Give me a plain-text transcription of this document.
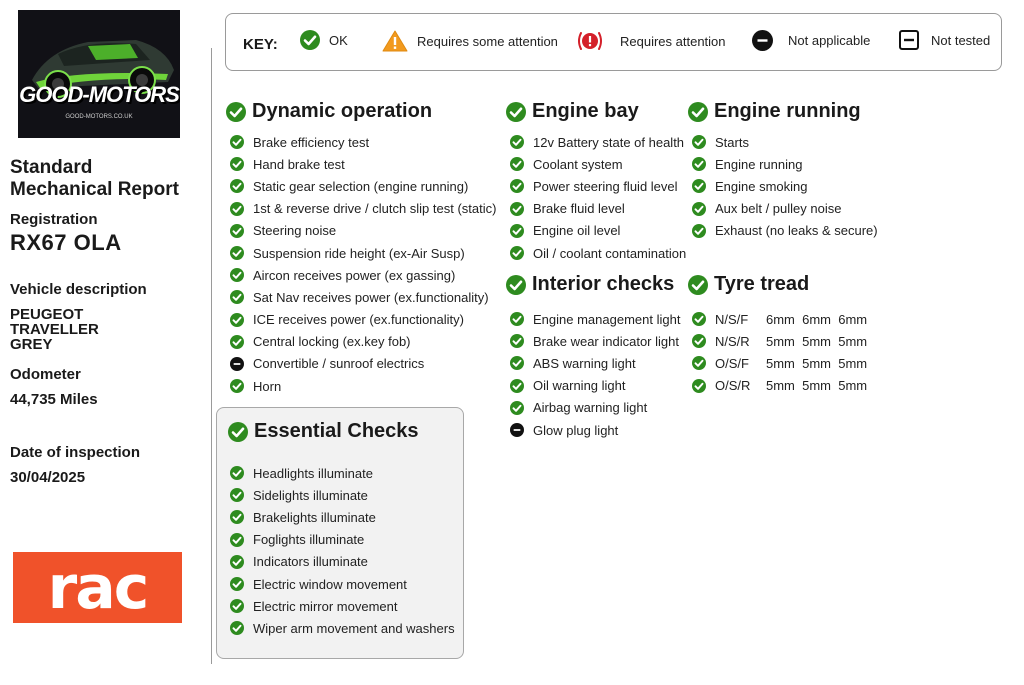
GOOD-MOTORS
GOOD-MOTORS.CO.UK
Standard
Mechanical Report
Registration
RX67 OLA
Vehicle description
PEUGEOT
TRAVELLER
GREY
Odometer
44,735 Miles
Date of inspection
30/04/2025
rac
KEY:	OK	Requires some attention	Requires attention	Not applicable	Not tested
Dynamic operation
Essential Checks
Engine bay
Interior checks
Engine running
Tyre tread
Brake efficiency test
Hand brake test
Static gear selection (engine running)
1st & reverse drive / clutch slip test (static)
Steering noise
Suspension ride height (ex-Air Susp)
Aircon receives power (ex gassing)
Sat Nav receives power (ex.functionality)
ICE receives power (ex.functionality)
Central locking (ex.key fob)
Convertible / sunroof electrics
Horn
Headlights illuminate
Sidelights illuminate
Brakelights illuminate
Foglights illuminate
Indicators illuminate
Electric window movement
Electric mirror movement
Wiper arm movement and washers
12v Battery state of health
Coolant system
Power steering fluid level
Brake fluid level
Engine oil level
Oil / coolant contamination
Engine management light
Brake wear indicator light
ABS warning light
Oil warning light
Airbag warning light
Glow plug light
Starts
Engine running
Engine smoking
Aux belt / pulley noise
Exhaust (no leaks & secure)
N/S/F	6mm  6mm  6mm
N/S/R	5mm  5mm  5mm
O/S/F	5mm  5mm  5mm
O/S/R	5mm  5mm  5mm
